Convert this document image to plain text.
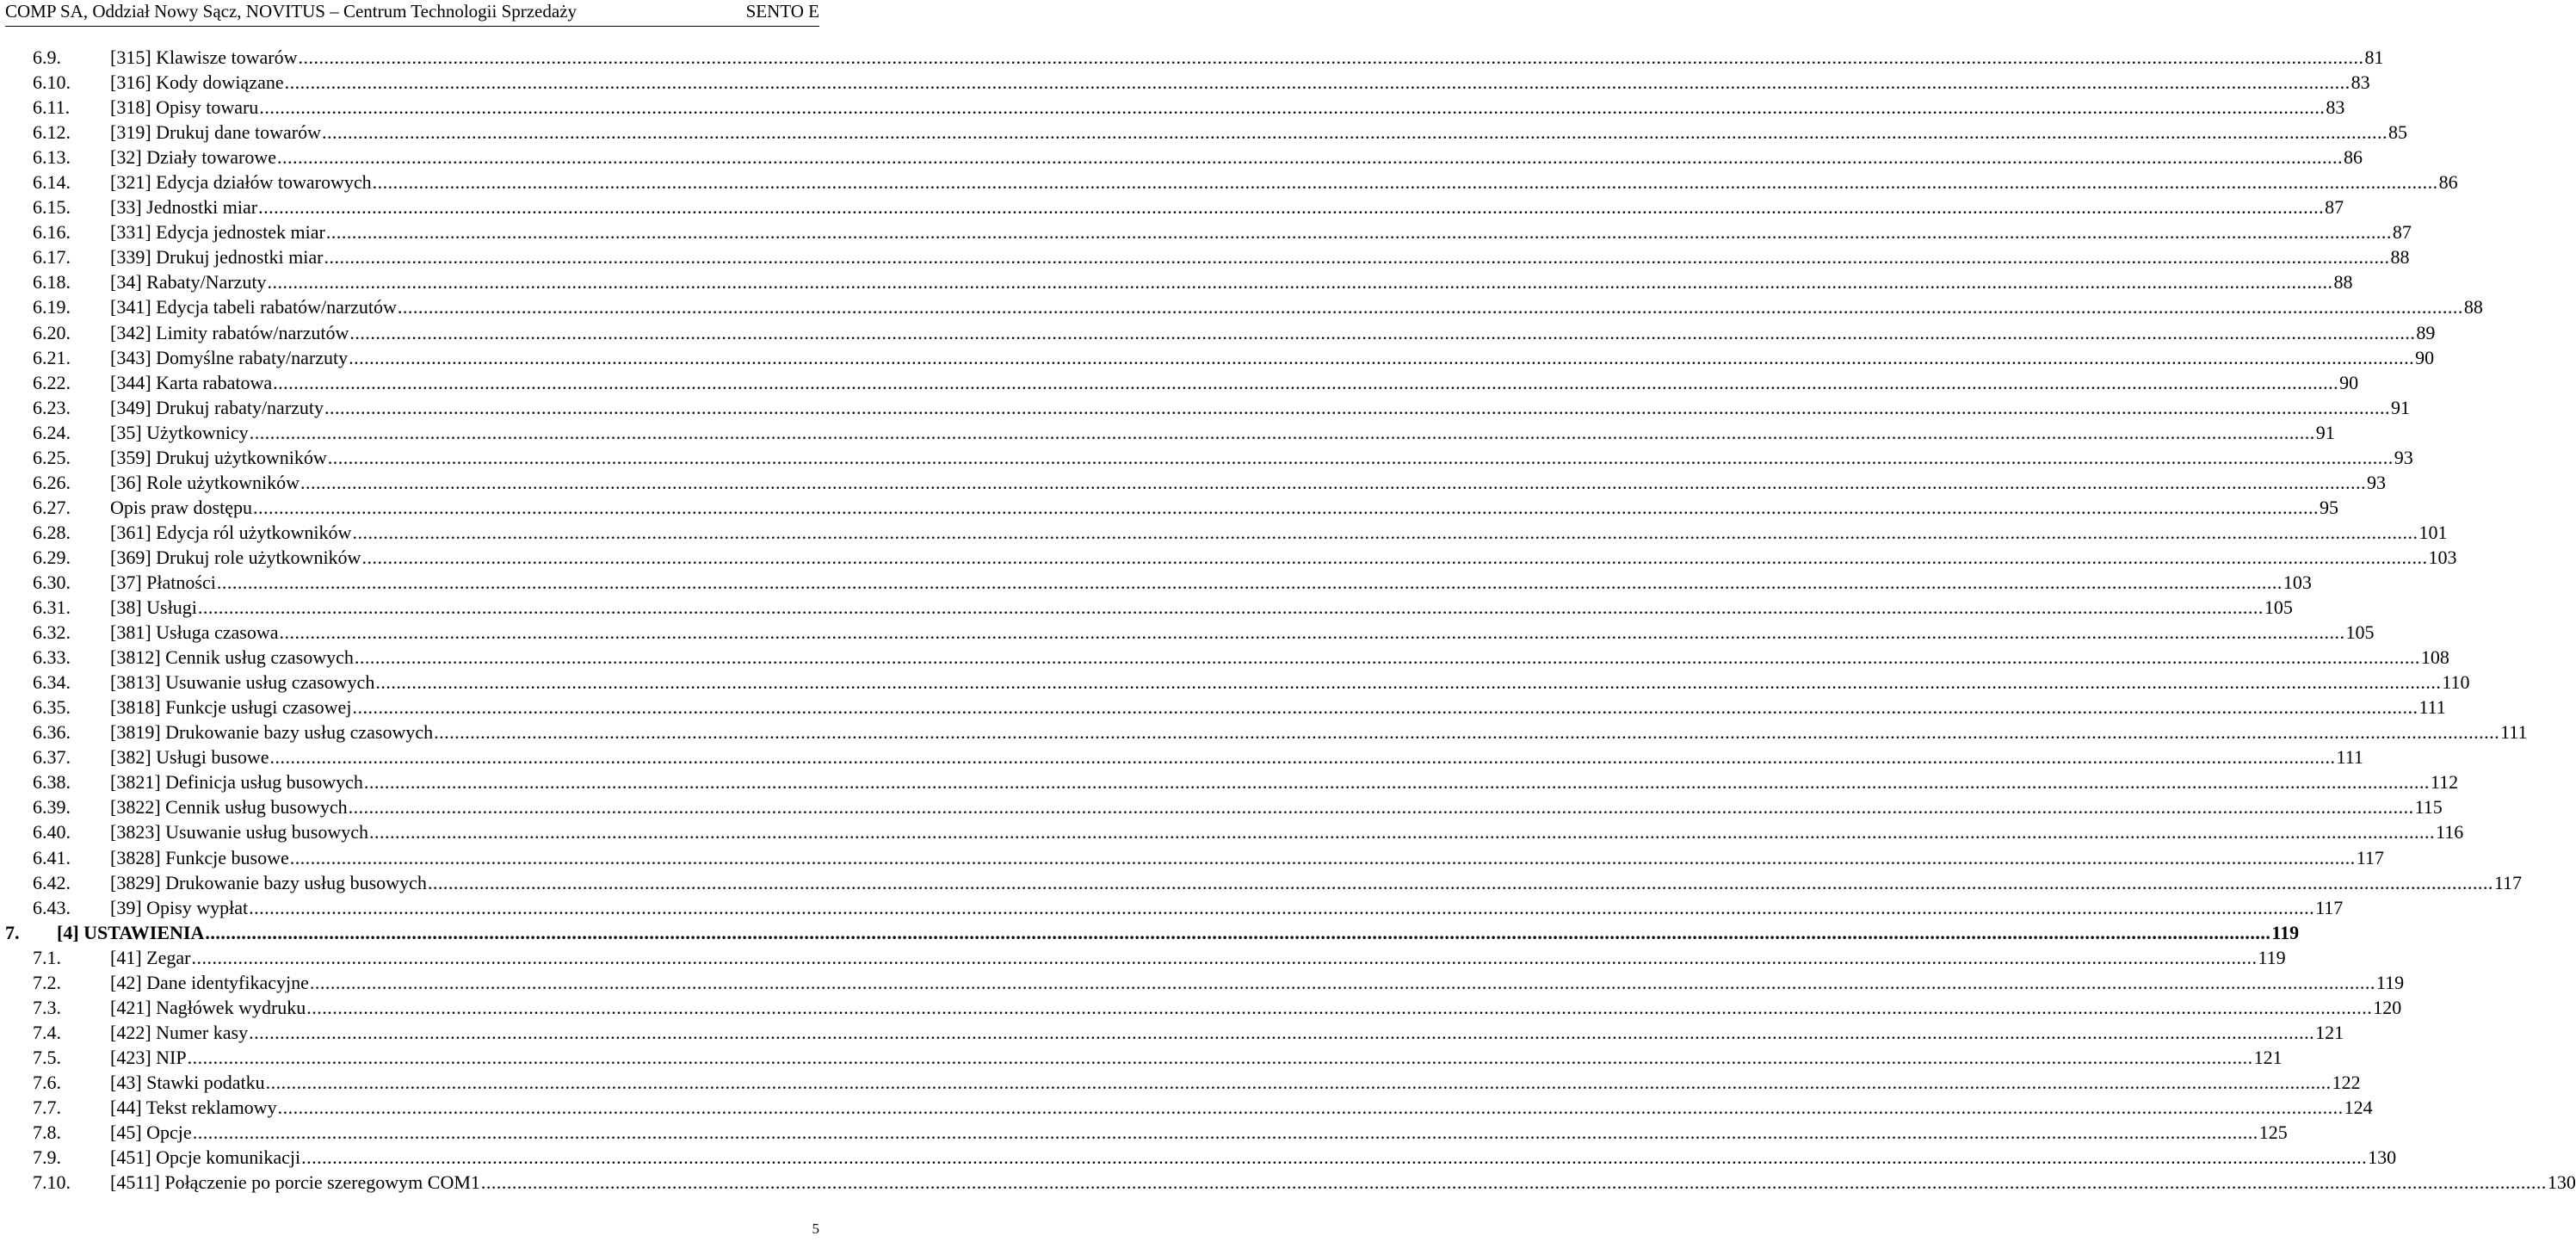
COMP SA, Oddział Nowy Sącz, NOVITUS – Centrum Technologii Sprzedaży	SENTO E
6.9.	[315] Klawisze towarów ................................................................................................................................................................................................................................................................................................................................................................................................................ 81
6.10. [316] Kody dowiązane ................................................................................................................................................................................................................................................................................................................................................................................................................ 83
6.11. [318] Opisy towaru ................................................................................................................................................................................................................................................................................................................................................................................................................ 83
6.12. [319] Drukuj dane towarów ................................................................................................................................................................................................................................................................................................................................................................................................................ 85
6.13. [32] Działy towarowe ................................................................................................................................................................................................................................................................................................................................................................................................................ 86
6.14. [321] Edycja działów towarowych ................................................................................................................................................................................................................................................................................................................................................................................................................ 86
6.15. [33] Jednostki miar ................................................................................................................................................................................................................................................................................................................................................................................................................ 87
6.16. [331] Edycja jednostek miar ................................................................................................................................................................................................................................................................................................................................................................................................................ 87
6.17. [339] Drukuj jednostki miar ................................................................................................................................................................................................................................................................................................................................................................................................................ 88
6.18. [34] Rabaty/Narzuty ................................................................................................................................................................................................................................................................................................................................................................................................................ 88
6.19. [341] Edycja tabeli rabatów/narzutów ................................................................................................................................................................................................................................................................................................................................................................................................................ 88
6.20. [342] Limity rabatów/narzutów ................................................................................................................................................................................................................................................................................................................................................................................................................ 89
6.21. [343] Domyślne rabaty/narzuty ................................................................................................................................................................................................................................................................................................................................................................................................................ 90
6.22. [344] Karta rabatowa ................................................................................................................................................................................................................................................................................................................................................................................................................ 90
6.23. [349] Drukuj rabaty/narzuty ................................................................................................................................................................................................................................................................................................................................................................................................................ 91
6.24. [35] Użytkownicy ................................................................................................................................................................................................................................................................................................................................................................................................................ 91
6.25. [359] Drukuj użytkowników ................................................................................................................................................................................................................................................................................................................................................................................................................ 93
6.26. [36] Role użytkowników ................................................................................................................................................................................................................................................................................................................................................................................................................ 93
6.27. Opis praw dostępu ................................................................................................................................................................................................................................................................................................................................................................................................................ 95
6.28. [361] Edycja ról użytkowników ................................................................................................................................................................................................................................................................................................................................................................................................................ 101
6.29. [369] Drukuj role użytkowników ................................................................................................................................................................................................................................................................................................................................................................................................................ 103
6.30. [37] Płatności ................................................................................................................................................................................................................................................................................................................................................................................................................ 103
6.31. [38] Usługi ................................................................................................................................................................................................................................................................................................................................................................................................................ 105
6.32. [381] Usługa czasowa ................................................................................................................................................................................................................................................................................................................................................................................................................ 105
6.33. [3812] Cennik usług czasowych ................................................................................................................................................................................................................................................................................................................................................................................................................ 108
6.34. [3813] Usuwanie usług czasowych ................................................................................................................................................................................................................................................................................................................................................................................................................ 110
6.35. [3818] Funkcje usługi czasowej ................................................................................................................................................................................................................................................................................................................................................................................................................ 111
6.36. [3819] Drukowanie bazy usług czasowych ................................................................................................................................................................................................................................................................................................................................................................................................................ 111
6.37. [382] Usługi busowe ................................................................................................................................................................................................................................................................................................................................................................................................................ 111
6.38. [3821] Definicja usług busowych ................................................................................................................................................................................................................................................................................................................................................................................................................ 112
6.39. [3822] Cennik usług busowych ................................................................................................................................................................................................................................................................................................................................................................................................................ 115
6.40. [3823] Usuwanie usług busowych ................................................................................................................................................................................................................................................................................................................................................................................................................ 116
6.41. [3828] Funkcje busowe ................................................................................................................................................................................................................................................................................................................................................................................................................ 117
6.42. [3829] Drukowanie bazy usług busowych ................................................................................................................................................................................................................................................................................................................................................................................................................ 117
6.43. [39] Opisy wypłat ................................................................................................................................................................................................................................................................................................................................................................................................................ 117
7. [4] USTAWIENIA ................................................................................................................................................................................................................................................................................................................................................................................................................ 119
7.1.	[41] Zegar ................................................................................................................................................................................................................................................................................................................................................................................................................ 119
7.2.	[42] Dane identyfikacyjne ................................................................................................................................................................................................................................................................................................................................................................................................................ 119
7.3.	[421] Nagłówek wydruku ................................................................................................................................................................................................................................................................................................................................................................................................................ 120
7.4.	[422] Numer kasy ................................................................................................................................................................................................................................................................................................................................................................................................................ 121
7.5.	[423] NIP ................................................................................................................................................................................................................................................................................................................................................................................................................ 121
7.6.	[43] Stawki podatku ................................................................................................................................................................................................................................................................................................................................................................................................................ 122
7.7.	[44] Tekst reklamowy ................................................................................................................................................................................................................................................................................................................................................................................................................ 124
7.8.	[45] Opcje ................................................................................................................................................................................................................................................................................................................................................................................................................ 125
7.9.	[451] Opcje komunikacji ................................................................................................................................................................................................................................................................................................................................................................................................................ 130
7.10. [4511] Połączenie po porcie szeregowym COM1 ................................................................................................................................................................................................................................................................................................................................................................................................................ 130
5
